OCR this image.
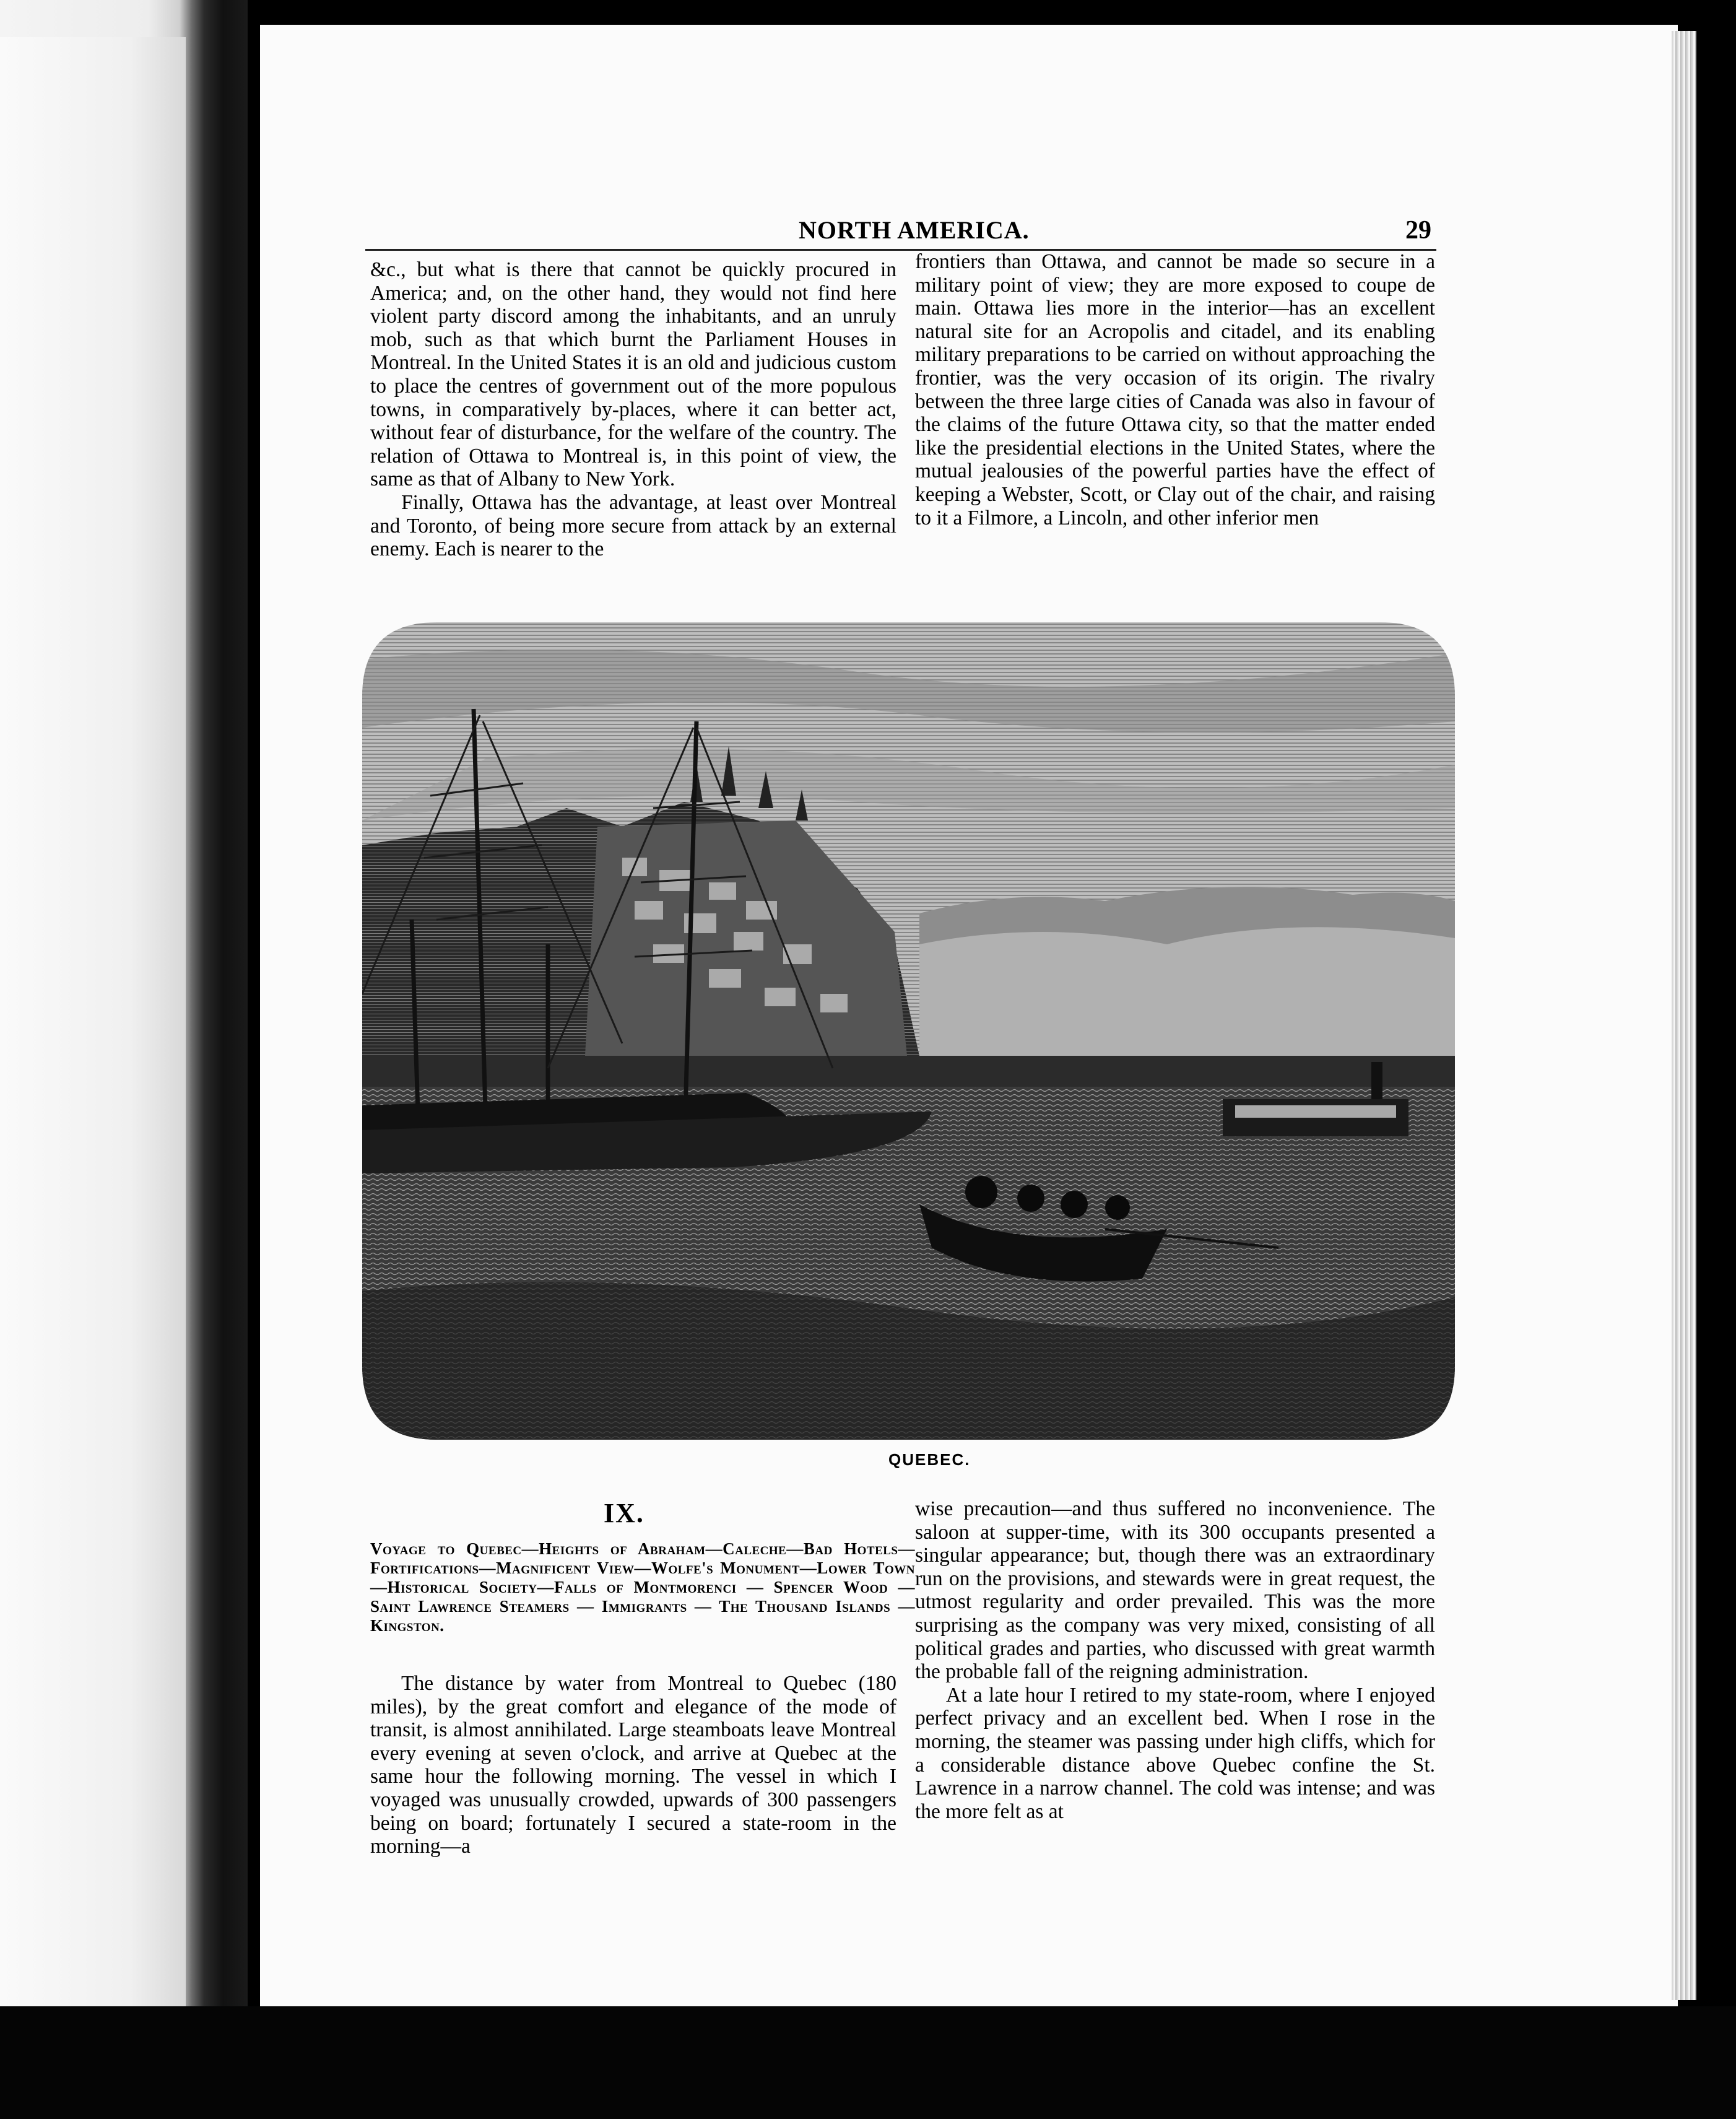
NORTH AMERICA.	29

&c., but what is there that cannot be quickly procured in America; and, on the other hand, they would not find here violent party discord among the inhabitants, and an unruly mob, such as that which burnt the Parliament Houses in Montreal. In the United States it is an old and judicious custom to place the centres of government out of the more populous towns, in comparatively by-places, where it can better act, without fear of disturbance, for the welfare of the country. The relation of Ottawa to Montreal is, in this point of view, the same as that of Albany to New York.

Finally, Ottawa has the advantage, at least over Montreal and Toronto, of being more secure from attack by an external enemy. Each is nearer to the

frontiers than Ottawa, and cannot be made so secure in a military point of view; they are more exposed to coupe de main. Ottawa lies more in the interior—has an excellent natural site for an Acropolis and citadel, and its enabling military preparations to be carried on without approaching the frontier, was the very occasion of its origin. The rivalry between the three large cities of Canada was also in favour of the claims of the future Ottawa city, so that the matter ended like the presidential elections in the United States, where the mutual jealousies of the powerful parties have the effect of keeping a Webster, Scott, or Clay out of the chair, and raising to it a Filmore, a Lincoln, and other inferior men

QUEBEC.
IX.
Voyage to Quebec—Heights of Abraham—Caleche—Bad Hotels—Fortifications—Magnificent View—Wolfe's Monument—Lower Town—Historical Society—Falls of Montmorenci — Spencer Wood — Saint Lawrence Steamers — Immigrants — The Thousand Islands — Kingston.

The distance by water from Montreal to Quebec (180 miles), by the great comfort and elegance of the mode of transit, is almost annihilated. Large steamboats leave Montreal every evening at seven o'clock, and arrive at Quebec at the same hour the following morning. The vessel in which I voyaged was unusually crowded, upwards of 300 passengers being on board; fortunately I secured a state-room in the morning—a

wise precaution—and thus suffered no inconvenience. The saloon at supper-time, with its 300 occupants presented a singular appearance; but, though there was an extraordinary run on the provisions, and stewards were in great request, the utmost regularity and order prevailed. This was the more surprising as the company was very mixed, consisting of all political grades and parties, who discussed with great warmth the probable fall of the reigning administration.

At a late hour I retired to my state-room, where I enjoyed perfect privacy and an excellent bed. When I rose in the morning, the steamer was passing under high cliffs, which for a considerable distance above Quebec confine the St. Lawrence in a narrow channel. The cold was intense; and was the more felt as at
